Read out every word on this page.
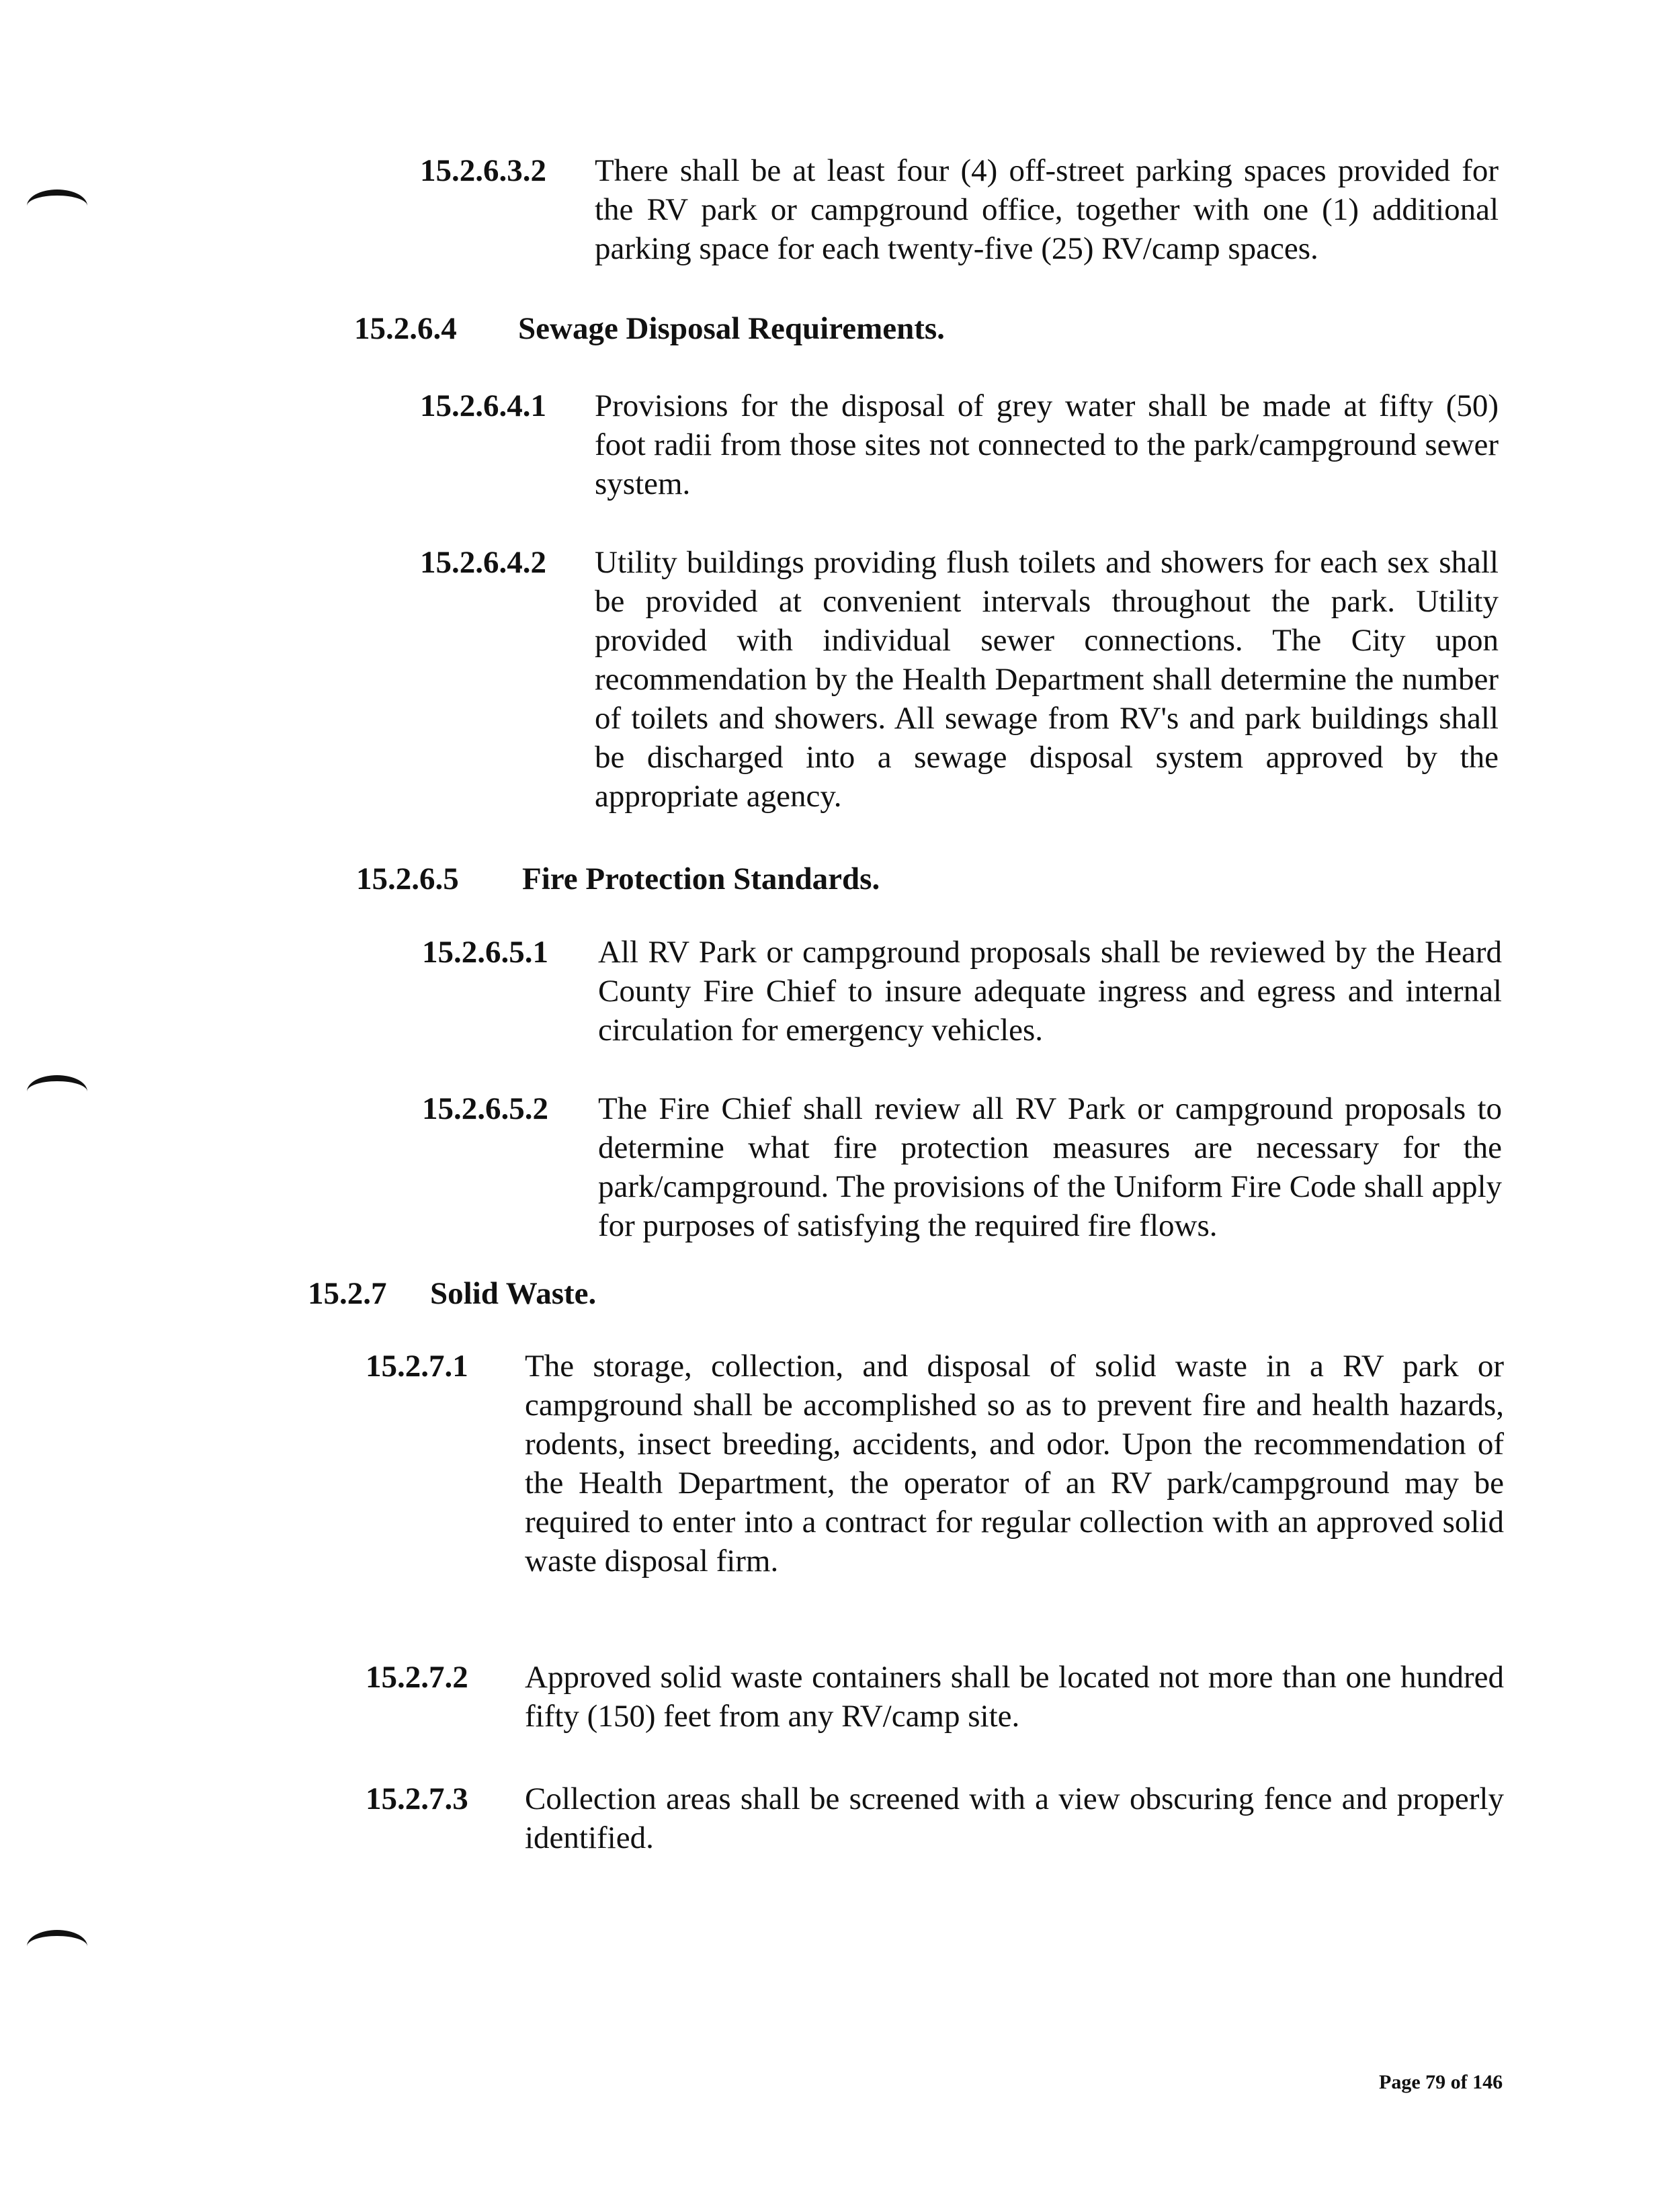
15.2.6.3.2 There shall be at least four (4) off-street parking spaces provided for the RV park or campground office, together with one (1) additional parking space for each twenty-five (25) RV/camp spaces.
15.2.6.4 Sewage Disposal Requirements.
15.2.6.4.1 Provisions for the disposal of grey water shall be made at fifty (50) foot radii from those sites not connected to the park/campground sewer system.
15.2.6.4.2 Utility buildings providing flush toilets and showers for each sex shall be provided at convenient intervals throughout the park. Utility provided with individual sewer connections. The City upon recommendation by the Health Department shall determine the number of toilets and showers. All sewage from RV's and park buildings shall be discharged into a sewage disposal system approved by the appropriate agency.
15.2.6.5 Fire Protection Standards.
15.2.6.5.1 All RV Park or campground proposals shall be reviewed by the Heard County Fire Chief to insure adequate ingress and egress and internal circulation for emergency vehicles.
15.2.6.5.2 The Fire Chief shall review all RV Park or campground proposals to determine what fire protection measures are necessary for the park/campground. The provisions of the Uniform Fire Code shall apply for purposes of satisfying the required fire flows.
15.2.7 Solid Waste.
15.2.7.1 The storage, collection, and disposal of solid waste in a RV park or campground shall be accomplished so as to prevent fire and health hazards, rodents, insect breeding, accidents, and odor. Upon the recommendation of the Health Department, the operator of an RV park/campground may be required to enter into a contract for regular collection with an approved solid waste disposal firm.
15.2.7.2 Approved solid waste containers shall be located not more than one hundred fifty (150) feet from any RV/camp site.
15.2.7.3 Collection areas shall be screened with a view obscuring fence and properly identified.
Page 79 of 146
